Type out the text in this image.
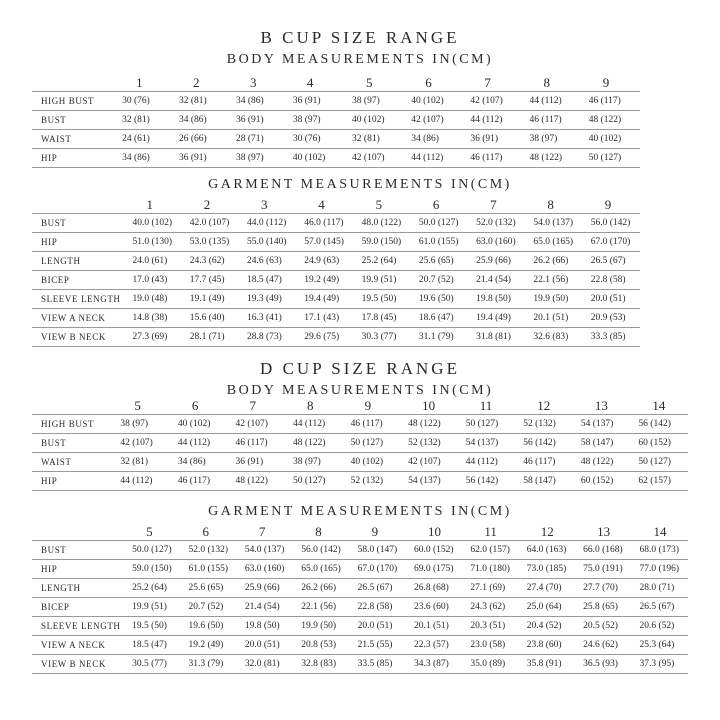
B CUP SIZE RANGE
BODY MEASUREMENTS IN(CM)
	1	2	3	4	5	6	7	8	9	
HIGH BUST	30 (76)	32 (81)	34 (86)	36 (91)	38 (97)	40 (102)	42 (107)	44 (112)	46 (117)	
BUST	32 (81)	34 (86)	36 (91)	38 (97)	40 (102)	42 (107)	44 (112)	46 (117)	48 (122)	
WAIST	24 (61)	26 (66)	28 (71)	30 (76)	32 (81)	34 (86)	36 (91)	38 (97)	40 (102)	
HIP	34 (86)	36 (91)	38 (97)	40 (102)	42 (107)	44 (112)	46 (117)	48 (122)	50 (127)	
GARMENT MEASUREMENTS IN(CM)
	1	2	3	4	5	6	7	8	9	
BUST	40.0 (102)	42.0 (107)	44.0 (112)	46.0 (117)	48.0 (122)	50.0 (127)	52.0 (132)	54.0 (137)	56.0 (142)	
HIP	51.0 (130)	53.0 (135)	55.0 (140)	57.0 (145)	59.0 (150)	61.0 (155)	63.0 (160)	65.0 (165)	67.0 (170)	
LENGTH	24.0 (61)	24.3 (62)	24.6 (63)	24.9 (63)	25.2 (64)	25.6 (65)	25.9 (66)	26.2 (66)	26.5 (67)	
BICEP	17.0 (43)	17.7 (45)	18.5 (47)	19.2 (49)	19.9 (51)	20.7 (52)	21.4 (54)	22.1 (56)	22.8 (58)	
SLEEVE LENGTH	19.0 (48)	19.1 (49)	19.3 (49)	19.4 (49)	19.5 (50)	19.6 (50)	19.8 (50)	19.9 (50)	20.0 (51)	
VIEW A NECK	14.8 (38)	15.6 (40)	16.3 (41)	17.1 (43)	17.8 (45)	18.6 (47)	19.4 (49)	20.1 (51)	20.9 (53)	
VIEW B NECK	27.3 (69)	28.1 (71)	28.8 (73)	29.6 (75)	30.3 (77)	31.1 (79)	31.8 (81)	32.6 (83)	33.3 (85)	
D CUP SIZE RANGE
BODY MEASUREMENTS IN(CM)
	5	6	7	8	9	10	11	12	13	14	
HIGH BUST	38 (97)	40 (102)	42 (107)	44 (112)	46 (117)	48 (122)	50 (127)	52 (132)	54 (137)	56 (142)	
BUST	42 (107)	44 (112)	46 (117)	48 (122)	50 (127)	52 (132)	54 (137)	56 (142)	58 (147)	60 (152)	
WAIST	32 (81)	34 (86)	36 (91)	38 (97)	40 (102)	42 (107)	44 (112)	46 (117)	48 (122)	50 (127)	
HIP	44 (112)	46 (117)	48 (122)	50 (127)	52 (132)	54 (137)	56 (142)	58 (147)	60 (152)	62 (157)	
GARMENT MEASUREMENTS IN(CM)
	5	6	7	8	9	10	11	12	13	14	
BUST	50.0 (127)	52.0 (132)	54.0 (137)	56.0 (142)	58.0 (147)	60.0 (152)	62.0 (157)	64.0 (163)	66.0 (168)	68.0 (173)	
HIP	59.0 (150)	61.0 (155)	63.0 (160)	65.0 (165)	67.0 (170)	69.0 (175)	71.0 (180)	73.0 (185)	75.0 (191)	77.0 (196)	
LENGTH	25.2 (64)	25.6 (65)	25.9 (66)	26.2 (66)	26.5 (67)	26.8 (68)	27.1 (69)	27.4 (70)	27.7 (70)	28.0 (71)	
BICEP	19.9 (51)	20.7 (52)	21.4 (54)	22.1 (56)	22.8 (58)	23.6 (60)	24.3 (62)	25.0 (64)	25.8 (65)	26.5 (67)	
SLEEVE LENGTH	19.5 (50)	19.6 (50)	19.8 (50)	19.9 (50)	20.0 (51)	20.1 (51)	20.3 (51)	20.4 (52)	20.5 (52)	20.6 (52)	
VIEW A NECK	18.5 (47)	19.2 (49)	20.0 (51)	20.8 (53)	21.5 (55)	22.3 (57)	23.0 (58)	23.8 (60)	24.6 (62)	25.3 (64)	
VIEW B NECK	30.5 (77)	31.3 (79)	32.0 (81)	32.8 (83)	33.5 (85)	34.3 (87)	35.0 (89)	35.8 (91)	36.5 (93)	37.3 (95)	
